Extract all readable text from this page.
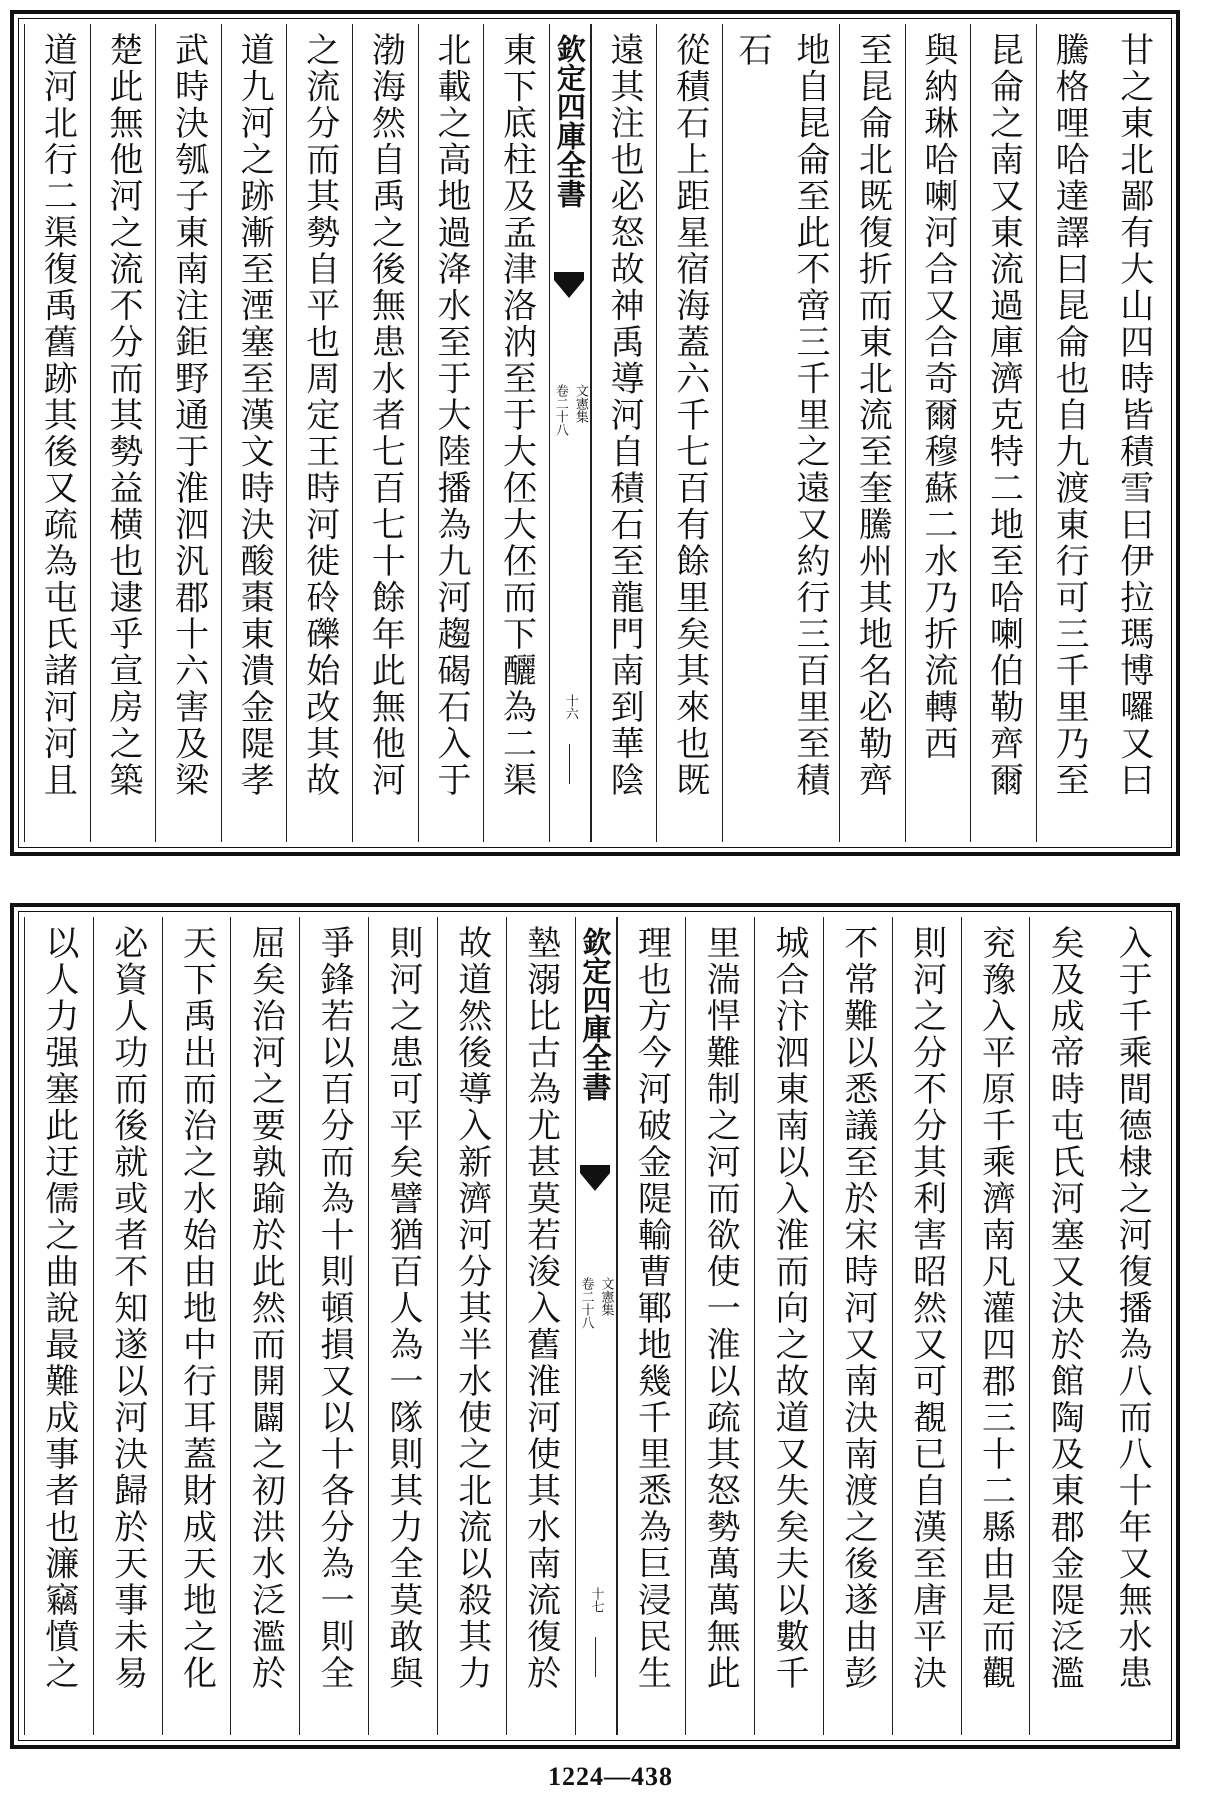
甘之東北鄙有大山四時皆積雪曰伊拉瑪博囉又曰
騰格哩哈達譯曰昆侖也自九渡東行可三千里乃至
昆侖之南又東流過庫濟克特二地至哈喇伯勒齊爾
與納琳哈喇河合又合奇爾穆蘇二水乃折流轉西
至昆侖北既復折而東北流至奎騰州其地名必勒齊
地自昆侖至此不啻三千里之遠又約行三百里至積石
從積石上距星宿海蓋六千七百有餘里矣其來也既
遠其注也必怒故神禹導河自積石至龍門南到華陰
欽定四庫全書
文憲集
卷二十八
十六
東下底柱及孟津洛汭至于大伾大伾而下釃為二渠
北載之高地過洚水至于大陸播為九河趨碣石入于
渤海然自禹之後無患水者七百七十餘年此無他河
之流分而其勢自平也周定王時河徙砱礫始改其故
道九河之跡漸至湮塞至漢文時決酸棗東潰金隄孝
武時決瓠子東南注鉅野通于淮泗汎郡十六害及梁
楚此無他河之流不分而其勢益横也逮乎宣房之築
道河北行二渠復禹舊跡其後又疏為屯氏諸河河且
入于千乘間德棣之河復播為八而八十年又無水患
矣及成帝時屯氏河塞又決於館陶及東郡金隄泛濫
兖豫入平原千乘濟南凡灌四郡三十二縣由是而觀
則河之分不分其利害昭然又可覩已自漢至唐平決
不常難以悉議至於宋時河又南決南渡之後遂由彭
城合汴泗東南以入淮而向之故道又失矣夫以數千
里湍悍難制之河而欲使一淮以疏其怒勢萬萬無此
理也方今河破金隄輸曹鄆地幾千里悉為巨浸民生
欽定四庫全書
文憲集
卷二十八
十七
墊溺比古為尤甚莫若浚入舊淮河使其水南流復於
故道然後導入新濟河分其半水使之北流以殺其力
則河之患可平矣譬猶百人為一隊則其力全莫敢與
爭鋒若以百分而為十則頓損又以十各分為一則全
屈矣治河之要孰踰於此然而開闢之初洪水泛濫於
天下禹出而治之水始由地中行耳蓋財成天地之化
必資人功而後就或者不知遂以河決歸於天事未易
以人力强塞此迂儒之曲說最難成事者也濂竊憤之
1224—438
